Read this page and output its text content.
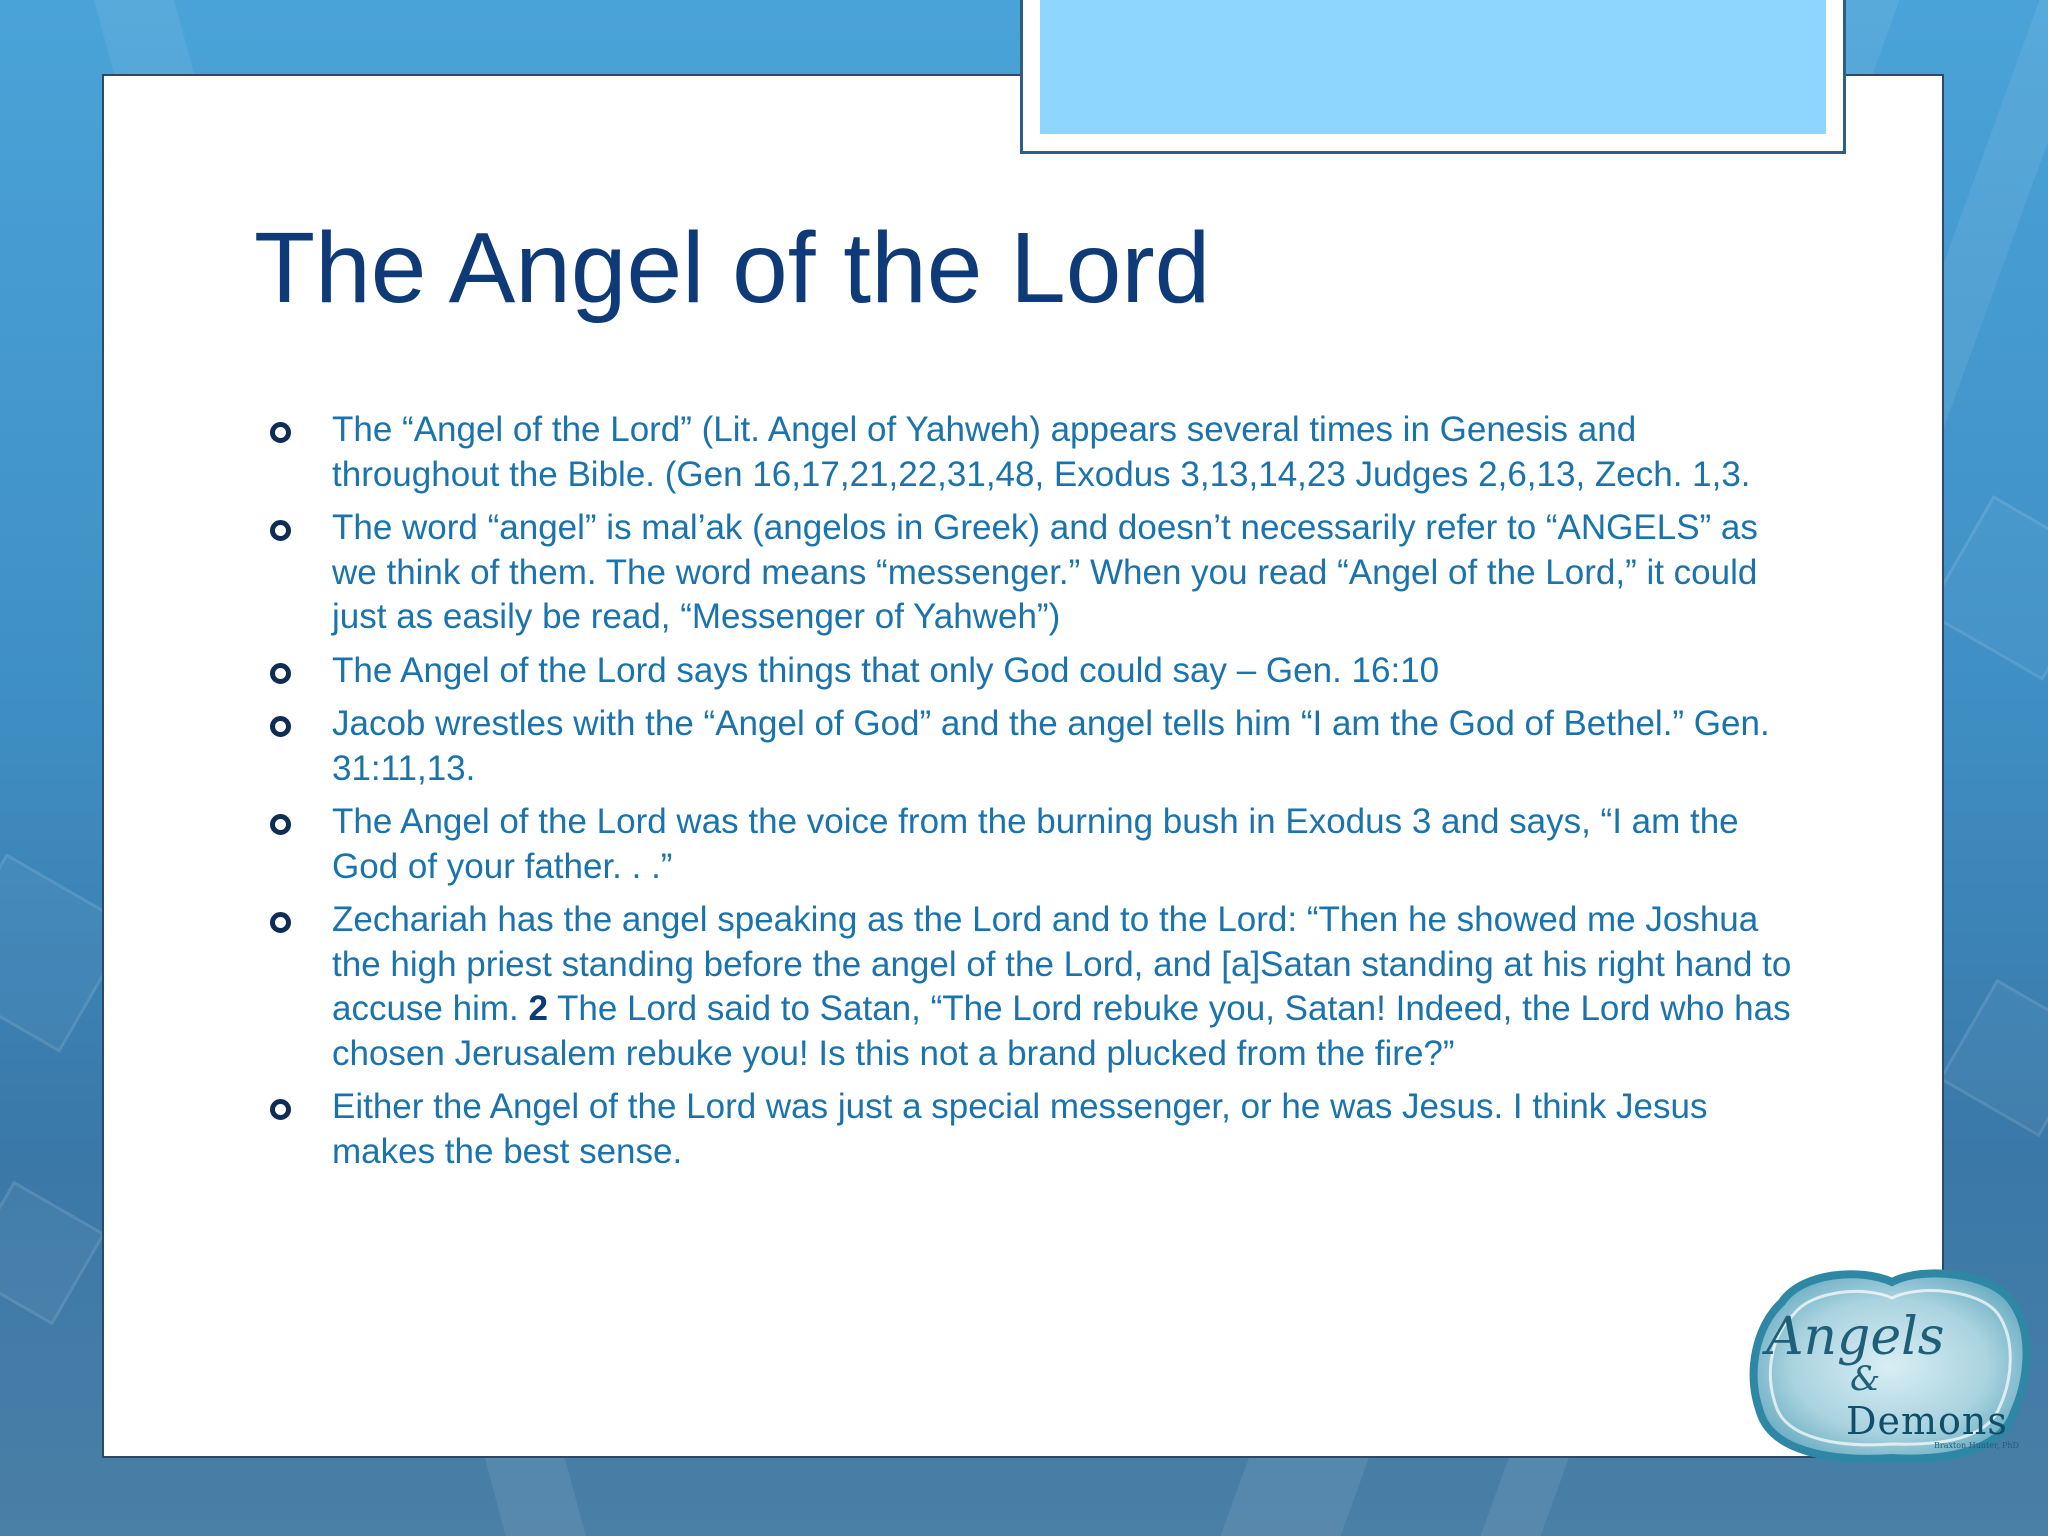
The Angel of the Lord
The “Angel of the Lord” (Lit. Angel of Yahweh) appears several times in Genesis and throughout the Bible. (Gen 16,17,21,22,31,48, Exodus 3,13,14,23 Judges 2,6,13, Zech. 1,3.
The word “angel” is mal’ak (angelos in Greek) and doesn’t necessarily refer to “ANGELS” as we think of them. The word means “messenger.” When you read “Angel of the Lord,” it could just as easily be read, “Messenger of Yahweh”)
The Angel of the Lord says things that only God could say – Gen. 16:10
Jacob wrestles with the “Angel of God” and the angel tells him “I am the God of Bethel.” Gen. 31:11,13.
The Angel of the Lord was the voice from the burning bush in Exodus 3 and says, “I am the God of your father. . .”
Zechariah has the angel speaking as the Lord and to the Lord: “Then he showed me Joshua the high priest standing before the angel of the Lord, and [a]Satan standing at his right hand to accuse him. 2 The Lord said to Satan, “The Lord rebuke you, Satan! Indeed, the Lord who has chosen Jerusalem rebuke you! Is this not a brand plucked from the fire?”
Either the Angel of the Lord was just a special messenger, or he was Jesus. I think Jesus makes the best sense.
Angels
&
Demons
Braxton Hunter, PhD
